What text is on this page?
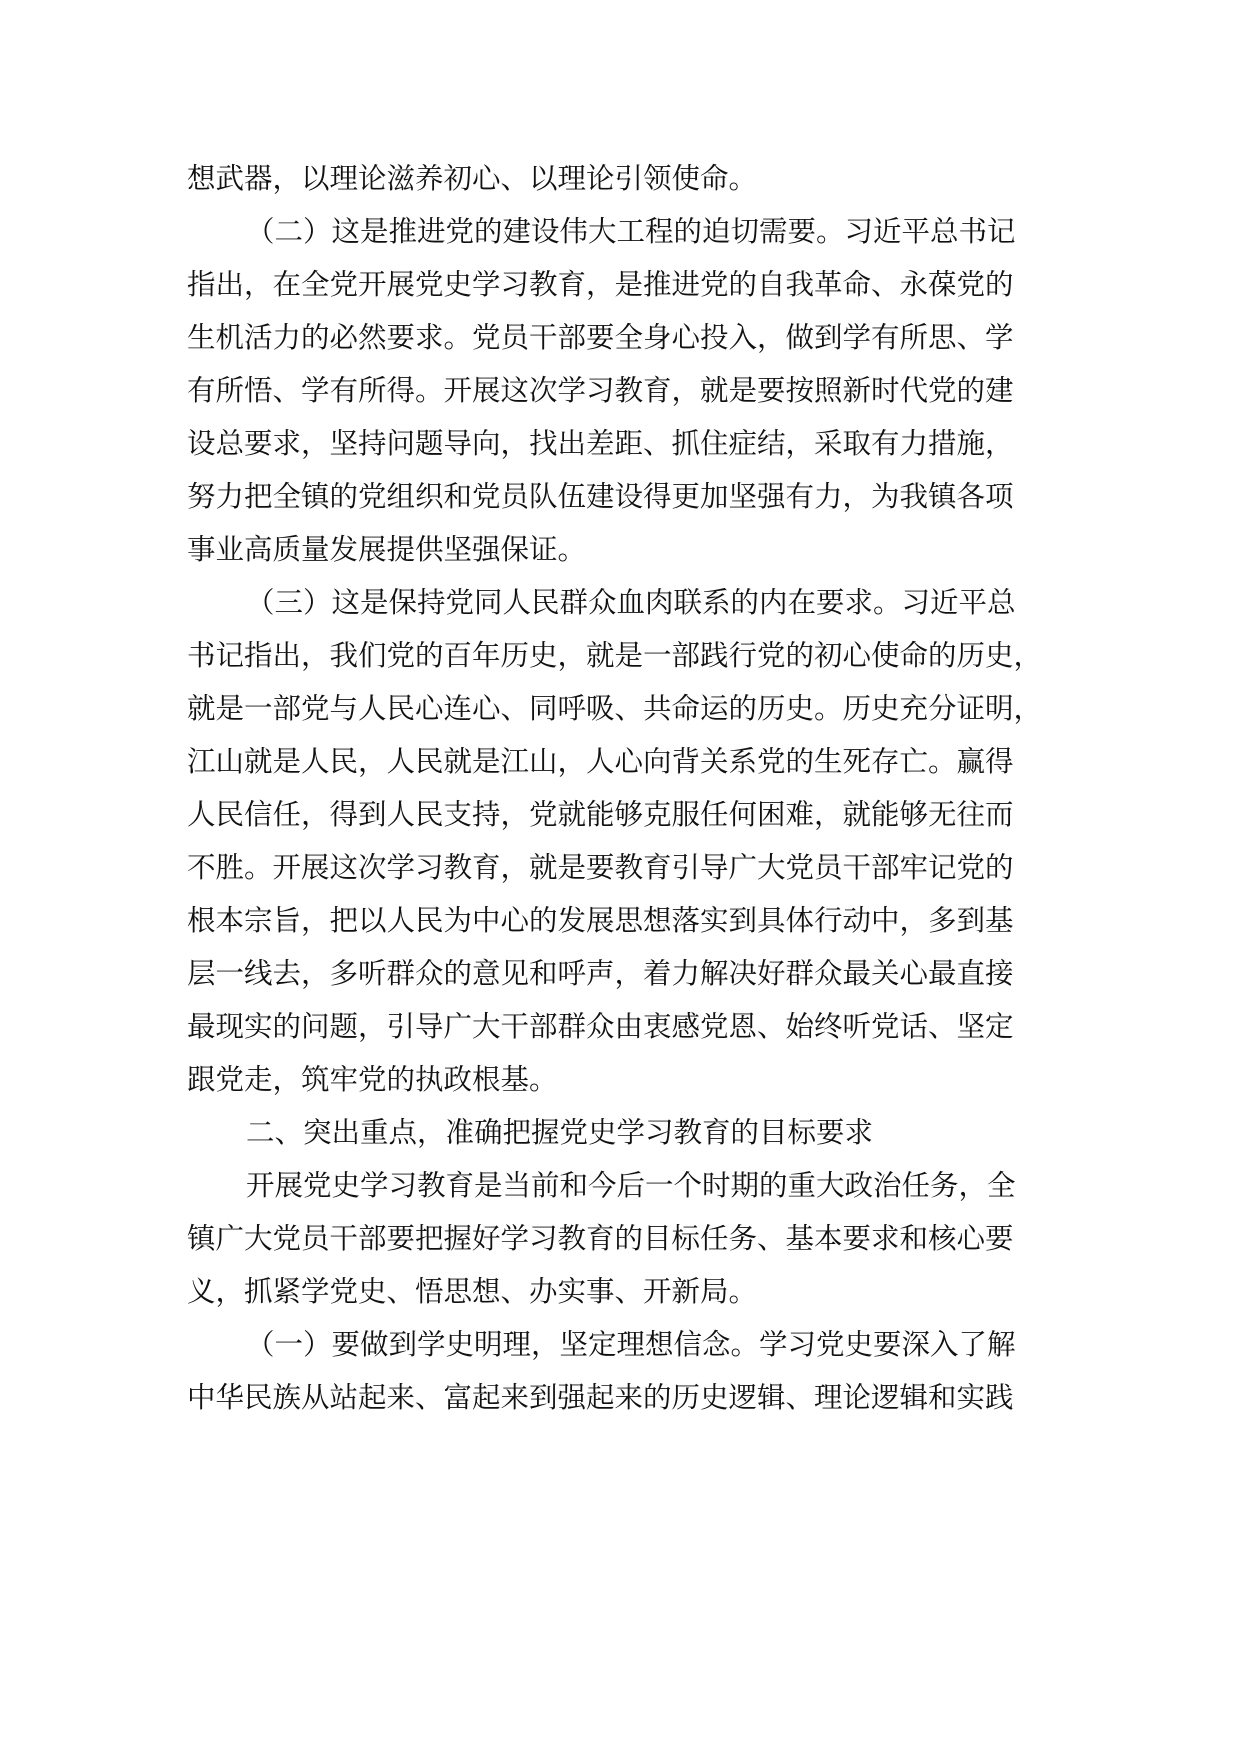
想武器，以理论滋养初心、以理论引领使命。
（二）这是推进党的建设伟大工程的迫切需要。习近平总书记
指出，在全党开展党史学习教育，是推进党的自我革命、永葆党的
生机活力的必然要求。党员干部要全身心投入，做到学有所思、学
有所悟、学有所得。开展这次学习教育，就是要按照新时代党的建
设总要求，坚持问题导向，找出差距、抓住症结，采取有力措施，
努力把全镇的党组织和党员队伍建设得更加坚强有力，为我镇各项
事业高质量发展提供坚强保证。
（三）这是保持党同人民群众血肉联系的内在要求。习近平总
书记指出，我们党的百年历史，就是一部践行党的初心使命的历史，
就是一部党与人民心连心、同呼吸、共命运的历史。历史充分证明，
江山就是人民，人民就是江山，人心向背关系党的生死存亡。赢得
人民信任，得到人民支持，党就能够克服任何困难，就能够无往而
不胜。开展这次学习教育，就是要教育引导广大党员干部牢记党的
根本宗旨，把以人民为中心的发展思想落实到具体行动中，多到基
层一线去，多听群众的意见和呼声，着力解决好群众最关心最直接
最现实的问题，引导广大干部群众由衷感党恩、始终听党话、坚定
跟党走，筑牢党的执政根基。
二、突出重点，准确把握党史学习教育的目标要求
开展党史学习教育是当前和今后一个时期的重大政治任务，全
镇广大党员干部要把握好学习教育的目标任务、基本要求和核心要
义，抓紧学党史、悟思想、办实事、开新局。
（一）要做到学史明理，坚定理想信念。学习党史要深入了解
中华民族从站起来、富起来到强起来的历史逻辑、理论逻辑和实践
